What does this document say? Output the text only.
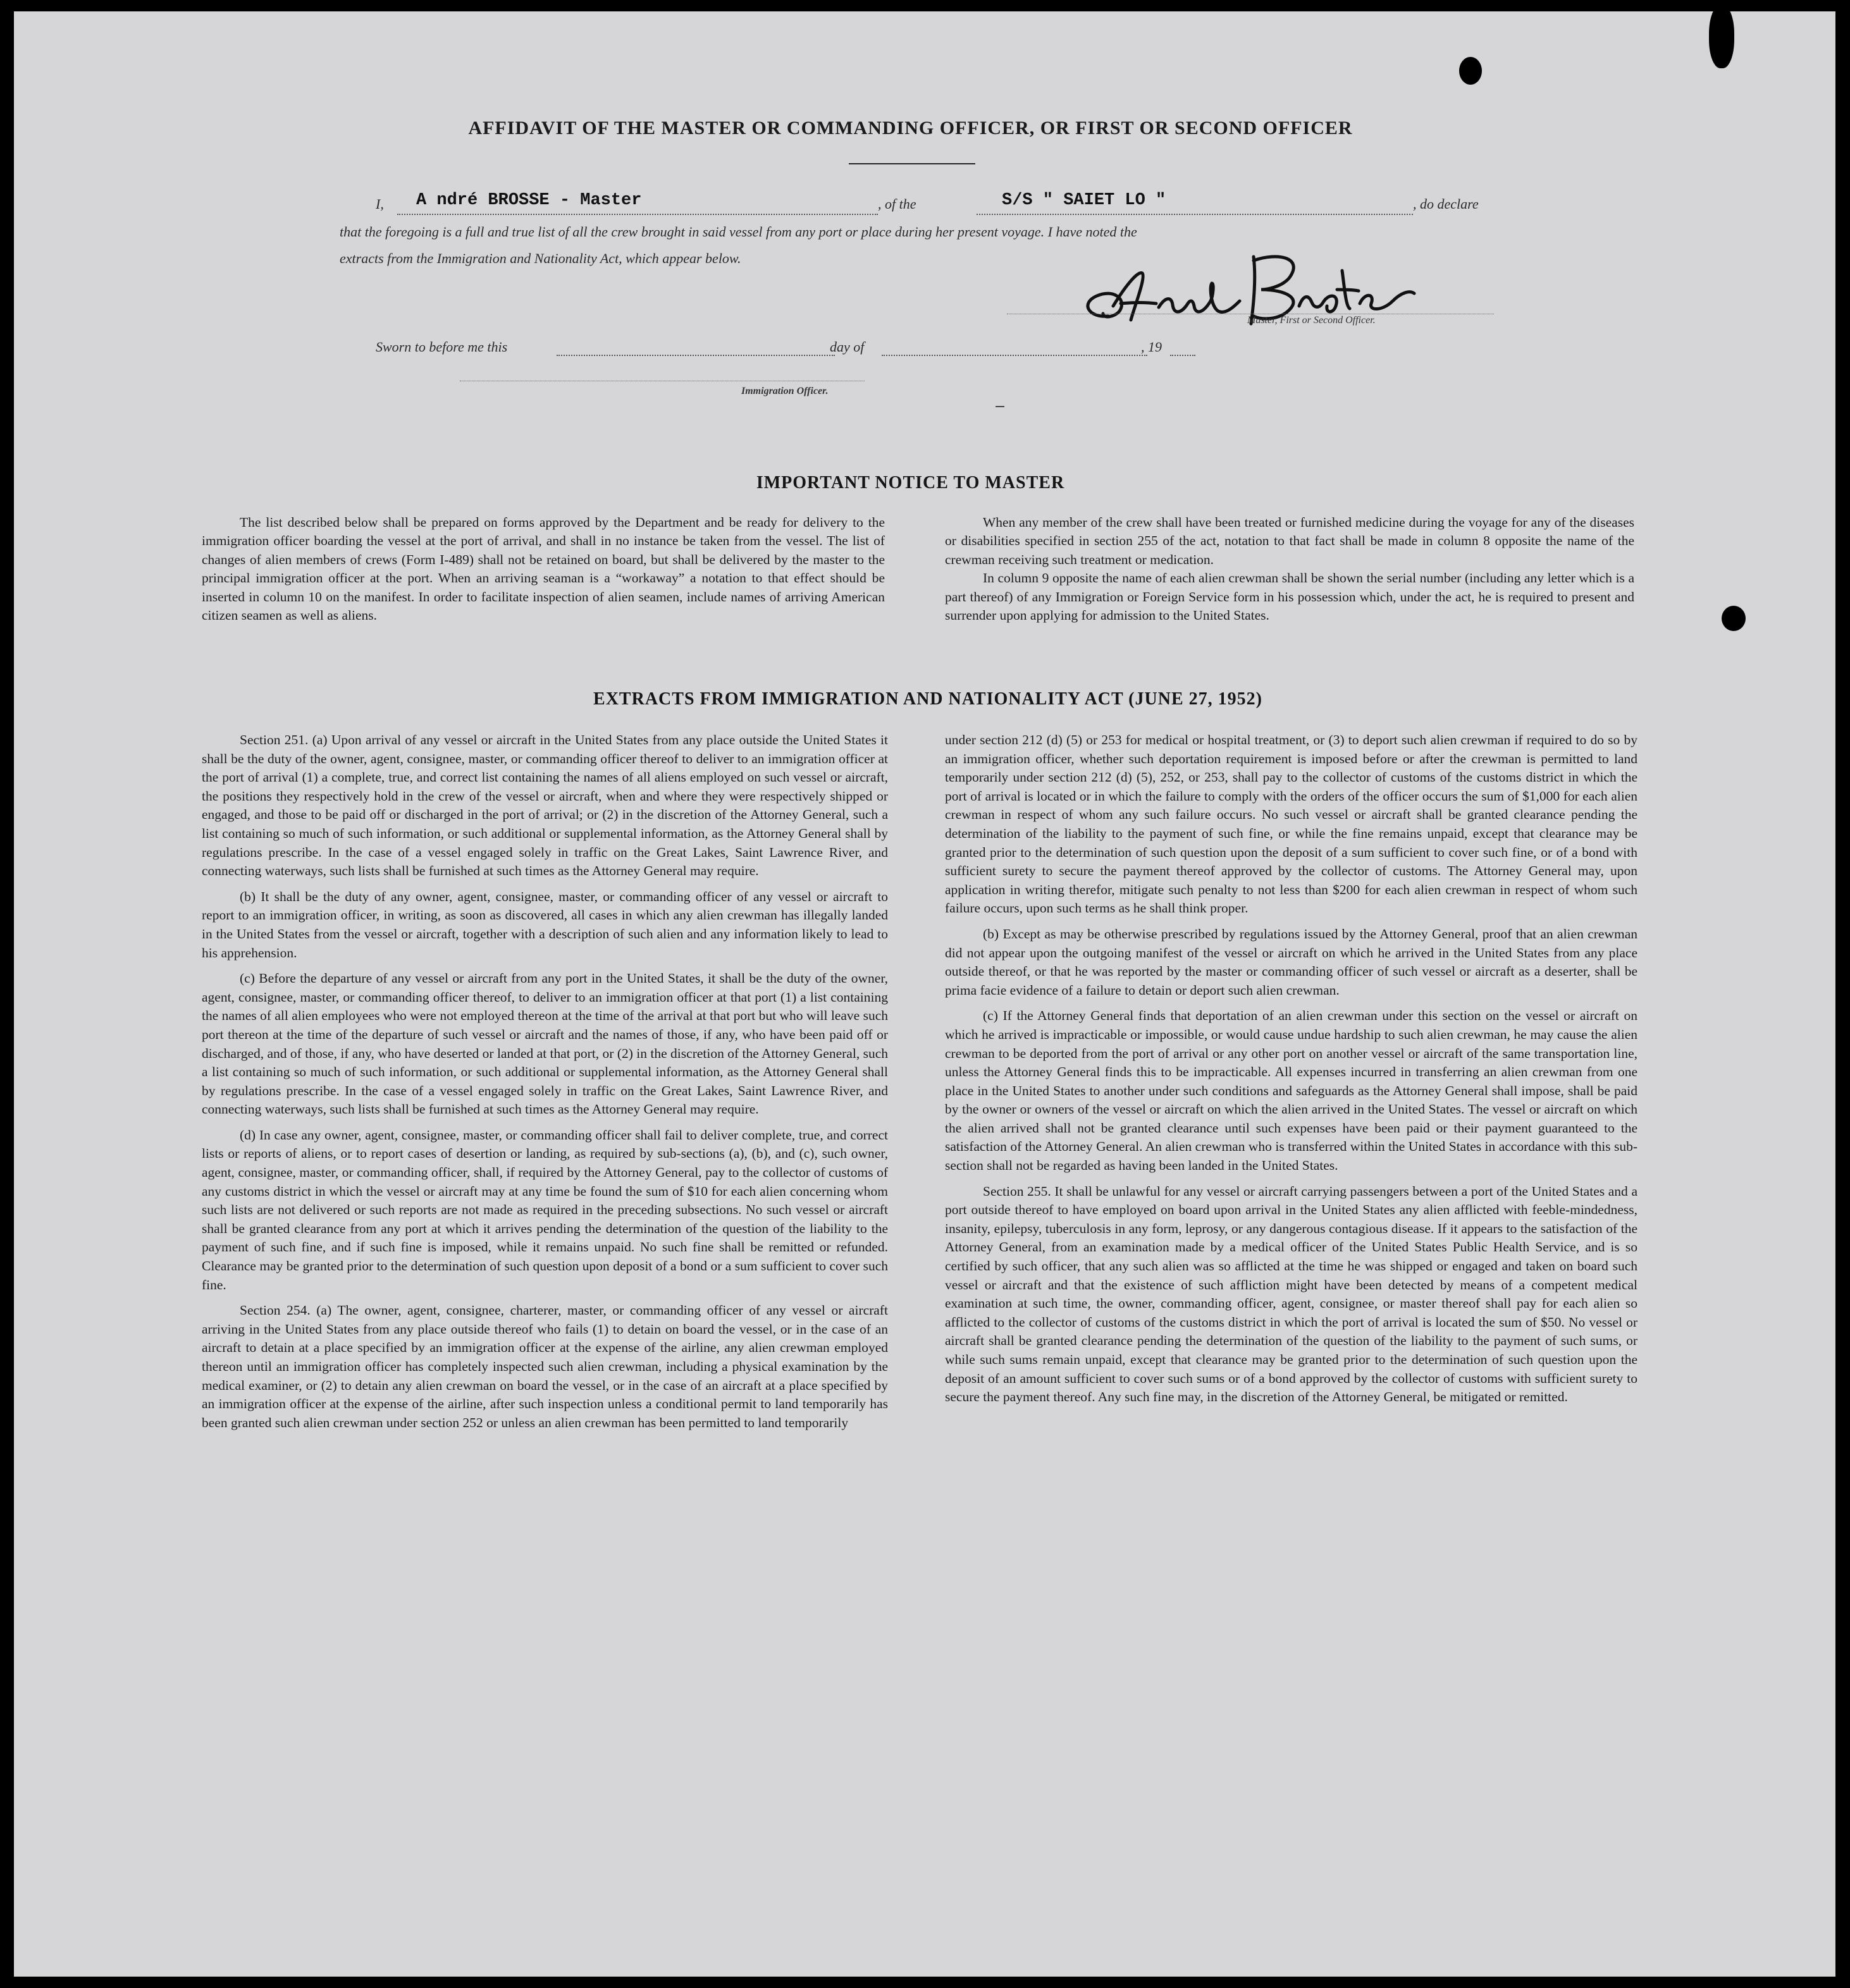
AFFIDAVIT OF THE MASTER OR COMMANDING OFFICER, OR FIRST OR SECOND OFFICER
I, A ndré BROSSE - Master	, of the	S/S " SAIET LO "	, do declare
that the foregoing is a full and true list of all the crew brought in said vessel from any port or place during her present voyage. I have noted the
extracts from the Immigration and Nationality Act, which appear below.
Master, First or Second Officer.
Sworn to before me this	day of	, 19
Immigration Officer.
IMPORTANT NOTICE TO MASTER

The list described below shall be prepared on forms approved by the Department and be ready for delivery to the immigration officer boarding the vessel at the port of arrival, and shall in no instance be taken from the vessel. The list of changes of alien members of crews (Form I-489) shall not be retained on board, but shall be delivered by the master to the principal immigration officer at the port. When an arriving seaman is a “workaway” a notation to that effect should be inserted in column 10 on the manifest. In order to facilitate inspection of alien seamen, include names of arriving American citizen seamen as well as aliens.

When any member of the crew shall have been treated or furnished medicine during the voyage for any of the diseases or disabilities specified in section 255 of the act, notation to that fact shall be made in column 8 opposite the name of the crewman receiving such treatment or medication.

In column 9 opposite the name of each alien crewman shall be shown the serial number (including any letter which is a part thereof) of any Immigration or Foreign Service form in his possession which, under the act, he is required to present and surrender upon applying for admission to the United States.

EXTRACTS FROM IMMIGRATION AND NATIONALITY ACT (JUNE 27, 1952)

Section 251. (a) Upon arrival of any vessel or aircraft in the United States from any place outside the United States it shall be the duty of the owner, agent, consignee, master, or commanding officer thereof to deliver to an immigration officer at the port of arrival (1) a complete, true, and correct list containing the names of all aliens employed on such vessel or aircraft, the positions they respectively hold in the crew of the vessel or aircraft, when and where they were respectively shipped or engaged, and those to be paid off or discharged in the port of arrival; or (2) in the discretion of the Attorney General, such a list containing so much of such information, or such additional or supplemental information, as the Attorney General shall by regulations prescribe. In the case of a vessel engaged solely in traffic on the Great Lakes, Saint Lawrence River, and connecting waterways, such lists shall be furnished at such times as the Attorney General may require.

(b) It shall be the duty of any owner, agent, consignee, master, or commanding officer of any vessel or aircraft to report to an immigration officer, in writing, as soon as discovered, all cases in which any alien crewman has illegally landed in the United States from the vessel or aircraft, together with a description of such alien and any information likely to lead to his apprehension.

(c) Before the departure of any vessel or aircraft from any port in the United States, it shall be the duty of the owner, agent, consignee, master, or commanding officer thereof, to deliver to an immigration officer at that port (1) a list containing the names of all alien employees who were not employed thereon at the time of the arrival at that port but who will leave such port thereon at the time of the departure of such vessel or aircraft and the names of those, if any, who have been paid off or discharged, and of those, if any, who have deserted or landed at that port, or (2) in the discretion of the Attorney General, such a list containing so much of such information, or such additional or supplemental information, as the Attorney General shall by regulations prescribe. In the case of a vessel engaged solely in traffic on the Great Lakes, Saint Lawrence River, and connecting waterways, such lists shall be furnished at such times as the Attorney General may require.

(d) In case any owner, agent, consignee, master, or commanding officer shall fail to deliver complete, true, and correct lists or reports of aliens, or to report cases of desertion or landing, as required by sub-sections (a), (b), and (c), such owner, agent, consignee, master, or commanding officer, shall, if required by the Attorney General, pay to the collector of customs of any customs district in which the vessel or aircraft may at any time be found the sum of $10 for each alien concerning whom such lists are not delivered or such reports are not made as required in the preceding subsections. No such vessel or aircraft shall be granted clearance from any port at which it arrives pending the determination of the question of the liability to the payment of such fine, and if such fine is imposed, while it remains unpaid. No such fine shall be remitted or refunded. Clearance may be granted prior to the determination of such question upon deposit of a bond or a sum sufficient to cover such fine.

Section 254. (a) The owner, agent, consignee, charterer, master, or commanding officer of any vessel or aircraft arriving in the United States from any place outside thereof who fails (1) to detain on board the vessel, or in the case of an aircraft to detain at a place specified by an immigration officer at the expense of the airline, any alien crewman employed thereon until an immigration officer has completely inspected such alien crewman, including a physical examination by the medical examiner, or (2) to detain any alien crewman on board the vessel, or in the case of an aircraft at a place specified by an immigration officer at the expense of the airline, after such inspection unless a conditional permit to land temporarily has been granted such alien crewman under section 252 or unless an alien crewman has been permitted to land temporarily

under section 212 (d) (5) or 253 for medical or hospital treatment, or (3) to deport such alien crewman if required to do so by an immigration officer, whether such deportation requirement is imposed before or after the crewman is permitted to land temporarily under section 212 (d) (5), 252, or 253, shall pay to the collector of customs of the customs district in which the port of arrival is located or in which the failure to comply with the orders of the officer occurs the sum of $1,000 for each alien crewman in respect of whom any such failure occurs. No such vessel or aircraft shall be granted clearance pending the determination of the liability to the payment of such fine, or while the fine remains unpaid, except that clearance may be granted prior to the determination of such question upon the deposit of a sum sufficient to cover such fine, or of a bond with sufficient surety to secure the payment thereof approved by the collector of customs. The Attorney General may, upon application in writing therefor, mitigate such penalty to not less than $200 for each alien crewman in respect of whom such failure occurs, upon such terms as he shall think proper.

(b) Except as may be otherwise prescribed by regulations issued by the Attorney General, proof that an alien crewman did not appear upon the outgoing manifest of the vessel or aircraft on which he arrived in the United States from any place outside thereof, or that he was reported by the master or commanding officer of such vessel or aircraft as a deserter, shall be prima facie evidence of a failure to detain or deport such alien crewman.

(c) If the Attorney General finds that deportation of an alien crewman under this section on the vessel or aircraft on which he arrived is impracticable or impossible, or would cause undue hardship to such alien crewman, he may cause the alien crewman to be deported from the port of arrival or any other port on another vessel or aircraft of the same transportation line, unless the Attorney General finds this to be impracticable. All expenses incurred in transferring an alien crewman from one place in the United States to another under such conditions and safeguards as the Attorney General shall impose, shall be paid by the owner or owners of the vessel or aircraft on which the alien arrived in the United States. The vessel or aircraft on which the alien arrived shall not be granted clearance until such expenses have been paid or their payment guaranteed to the satisfaction of the Attorney General. An alien crewman who is transferred within the United States in accordance with this sub-section shall not be regarded as having been landed in the United States.

Section 255. It shall be unlawful for any vessel or aircraft carrying passengers between a port of the United States and a port outside thereof to have employed on board upon arrival in the United States any alien afflicted with feeble-mindedness, insanity, epilepsy, tuberculosis in any form, leprosy, or any dangerous contagious disease. If it appears to the satisfaction of the Attorney General, from an examination made by a medical officer of the United States Public Health Service, and is so certified by such officer, that any such alien was so afflicted at the time he was shipped or engaged and taken on board such vessel or aircraft and that the existence of such affliction might have been detected by means of a competent medical examination at such time, the owner, commanding officer, agent, consignee, or master thereof shall pay for each alien so afflicted to the collector of customs of the customs district in which the port of arrival is located the sum of $50. No vessel or aircraft shall be granted clearance pending the determination of the question of the liability to the payment of such sums, or while such sums remain unpaid, except that clearance may be granted prior to the determination of such question upon the deposit of an amount sufficient to cover such sums or of a bond approved by the collector of customs with sufficient surety to secure the payment thereof. Any such fine may, in the discretion of the Attorney General, be mitigated or remitted.
